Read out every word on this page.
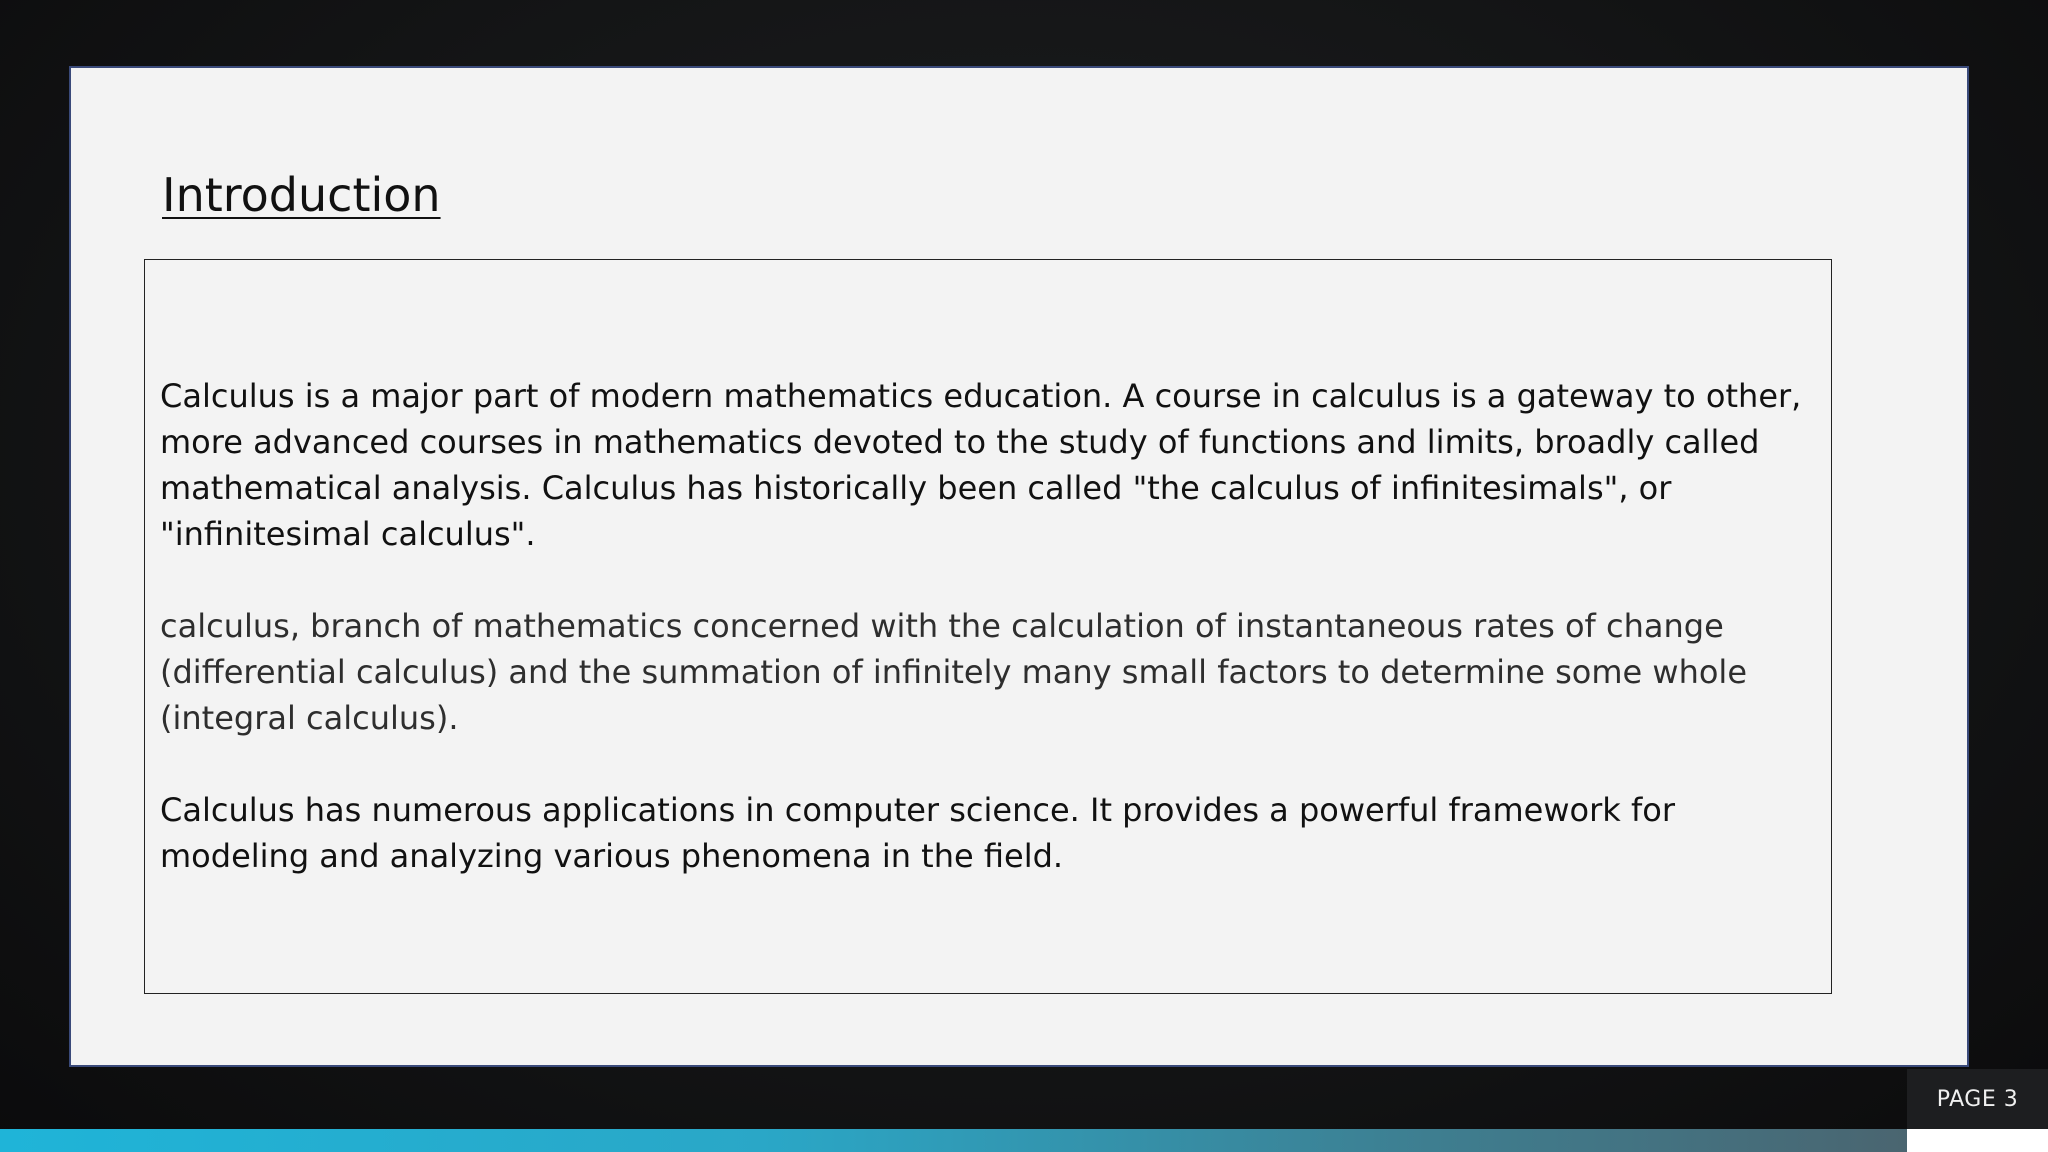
Introduction

Calculus is a major part of modern mathematics education. A course in calculus is a gateway to other, more advanced courses in mathematics devoted to the study of functions and limits, broadly called mathematical analysis. Calculus has historically been called "the calculus of infinitesimals", or "infinitesimal calculus".

calculus, branch of mathematics concerned with the calculation of instantaneous rates of change (differential calculus) and the summation of infinitely many small factors to determine some whole (integral calculus).

Calculus has numerous applications in computer science. It provides a powerful framework for modeling and analyzing various phenomena in the field.

PAGE 3
